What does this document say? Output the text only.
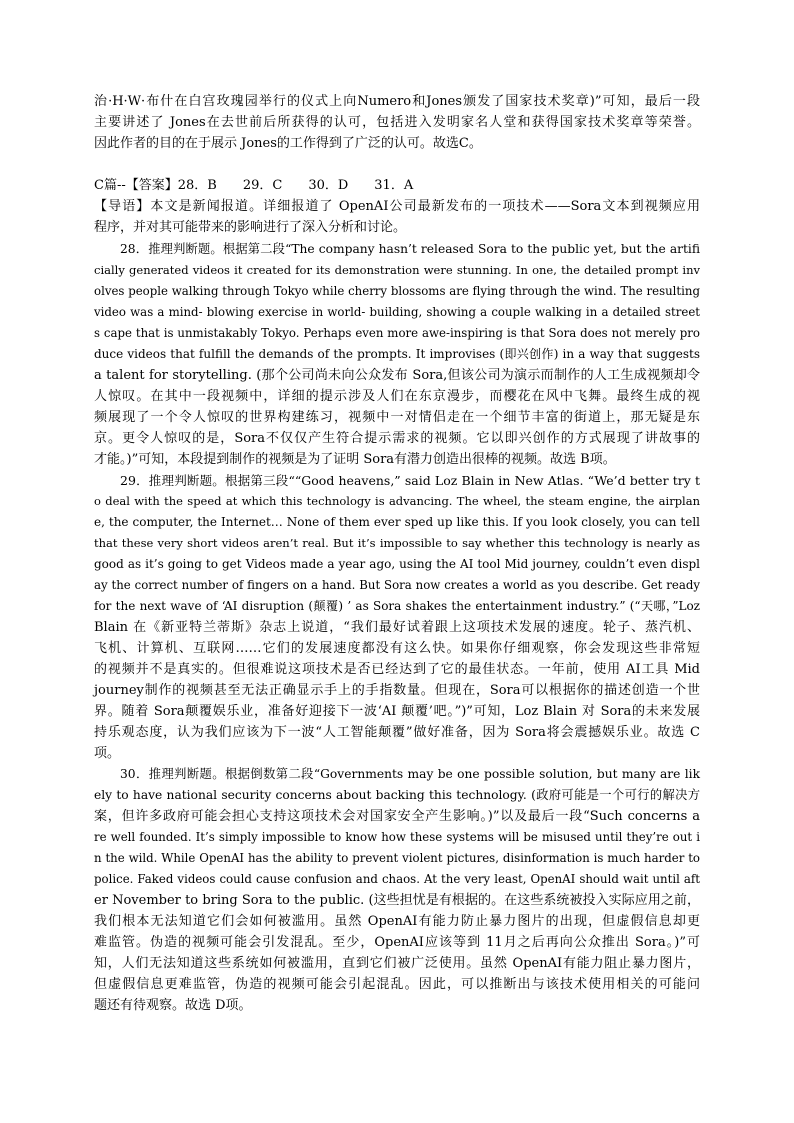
治·H·W·布什在白宫玫瑰园举行的仪式上向Numero和Jones颁发了国家技术奖章)”可知，最后一段
主要讲述了 Jones在去世前后所获得的认可，包括进入发明家名人堂和获得国家技术奖章等荣誉。
因此作者的目的在于展示 Jones的工作得到了广泛的认可。故选C。
C篇--【答案】28．B　　29．C　　30．D　　31．A
【导语】本文是新闻报道。详细报道了 OpenAI公司最新发布的一项技术——Sora文本到视频应用
程序，并对其可能带来的影响进行了深入分析和讨论。
28．推理判断题。根据第二段“The company hasn’t released Sora to the public yet, but the artifi
cially generated videos it created for its demonstration were stunning. In one, the detailed prompt inv
olves people walking through Tokyo while cherry blossoms are flying through the wind. The resulting
video was a mind- blowing exercise in world- building, showing a couple walking in a detailed street
s cape that is unmistakably Tokyo. Perhaps even more awe-inspiring is that Sora does not merely pro
duce videos that fulfill the demands of the prompts. It improvises (即兴创作) in a way that suggests
a talent for storytelling. (那个公司尚未向公众发布 Sora,但该公司为演示而制作的人工生成视频却令
人惊叹。在其中一段视频中，详细的提示涉及人们在东京漫步，而樱花在风中飞舞。最终生成的视
频展现了一个令人惊叹的世界构建练习，视频中一对情侣走在一个细节丰富的街道上，那无疑是东
京。更令人惊叹的是，Sora不仅仅产生符合提示需求的视频。它以即兴创作的方式展现了讲故事的
才能。)”可知，本段提到制作的视频是为了证明 Sora有潜力创造出很棒的视频。故选 B项。
29．推理判断题。根据第三段““Good heavens,” said Loz Blain in New Atlas. “We’d better try t
o deal with the speed at which this technology is advancing. The wheel, the steam engine, the airplan
e, the computer, the Internet… None of them ever sped up like this. If you look closely, you can tell
that these very short videos aren’t real. But it’s impossible to say whether this technology is nearly as
good as it’s going to get Videos made a year ago, using the AI tool Mid journey, couldn’t even displ
ay the correct number of fingers on a hand. But Sora now creates a world as you describe. Get ready
for the next wave of ‘AI disruption (颠覆) ’ as Sora shakes the entertainment industry.” (“天哪，”Loz
Blain 在《新亚特兰蒂斯》杂志上说道，“我们最好试着跟上这项技术发展的速度。轮子、蒸汽机、
飞机、计算机、互联网……它们的发展速度都没有这么快。如果你仔细观察，你会发现这些非常短
的视频并不是真实的。但很难说这项技术是否已经达到了它的最佳状态。一年前，使用 AI工具 Mid
journey制作的视频甚至无法正确显示手上的手指数量。但现在，Sora可以根据你的描述创造一个世
界。随着 Sora颠覆娱乐业，准备好迎接下一波‘AI 颠覆’吧。”)”可知，Loz Blain 对 Sora的未来发展
持乐观态度，认为我们应该为下一波“人工智能颠覆”做好准备，因为 Sora将会震撼娱乐业。故选 C
项。
30．推理判断题。根据倒数第二段“Governments may be one possible solution, but many are lik
ely to have national security concerns about backing this technology. (政府可能是一个可行的解决方
案，但许多政府可能会担心支持这项技术会对国家安全产生影响。)”以及最后一段“Such concerns a
re well founded. It’s simply impossible to know how these systems will be misused until they’re out i
n the wild. While OpenAI has the ability to prevent violent pictures, disinformation is much harder to
police. Faked videos could cause confusion and chaos. At the very least, OpenAI should wait until aft
er November to bring Sora to the public. (这些担忧是有根据的。在这些系统被投入实际应用之前，
我们根本无法知道它们会如何被滥用。虽然 OpenAI有能力防止暴力图片的出现，但虚假信息却更
难监管。伪造的视频可能会引发混乱。至少，OpenAI应该等到 11月之后再向公众推出 Sora。)”可
知，人们无法知道这些系统如何被滥用，直到它们被广泛使用。虽然 OpenAI有能力阻止暴力图片，
但虚假信息更难监管，伪造的视频可能会引起混乱。因此，可以推断出与该技术使用相关的可能问
题还有待观察。故选 D项。
